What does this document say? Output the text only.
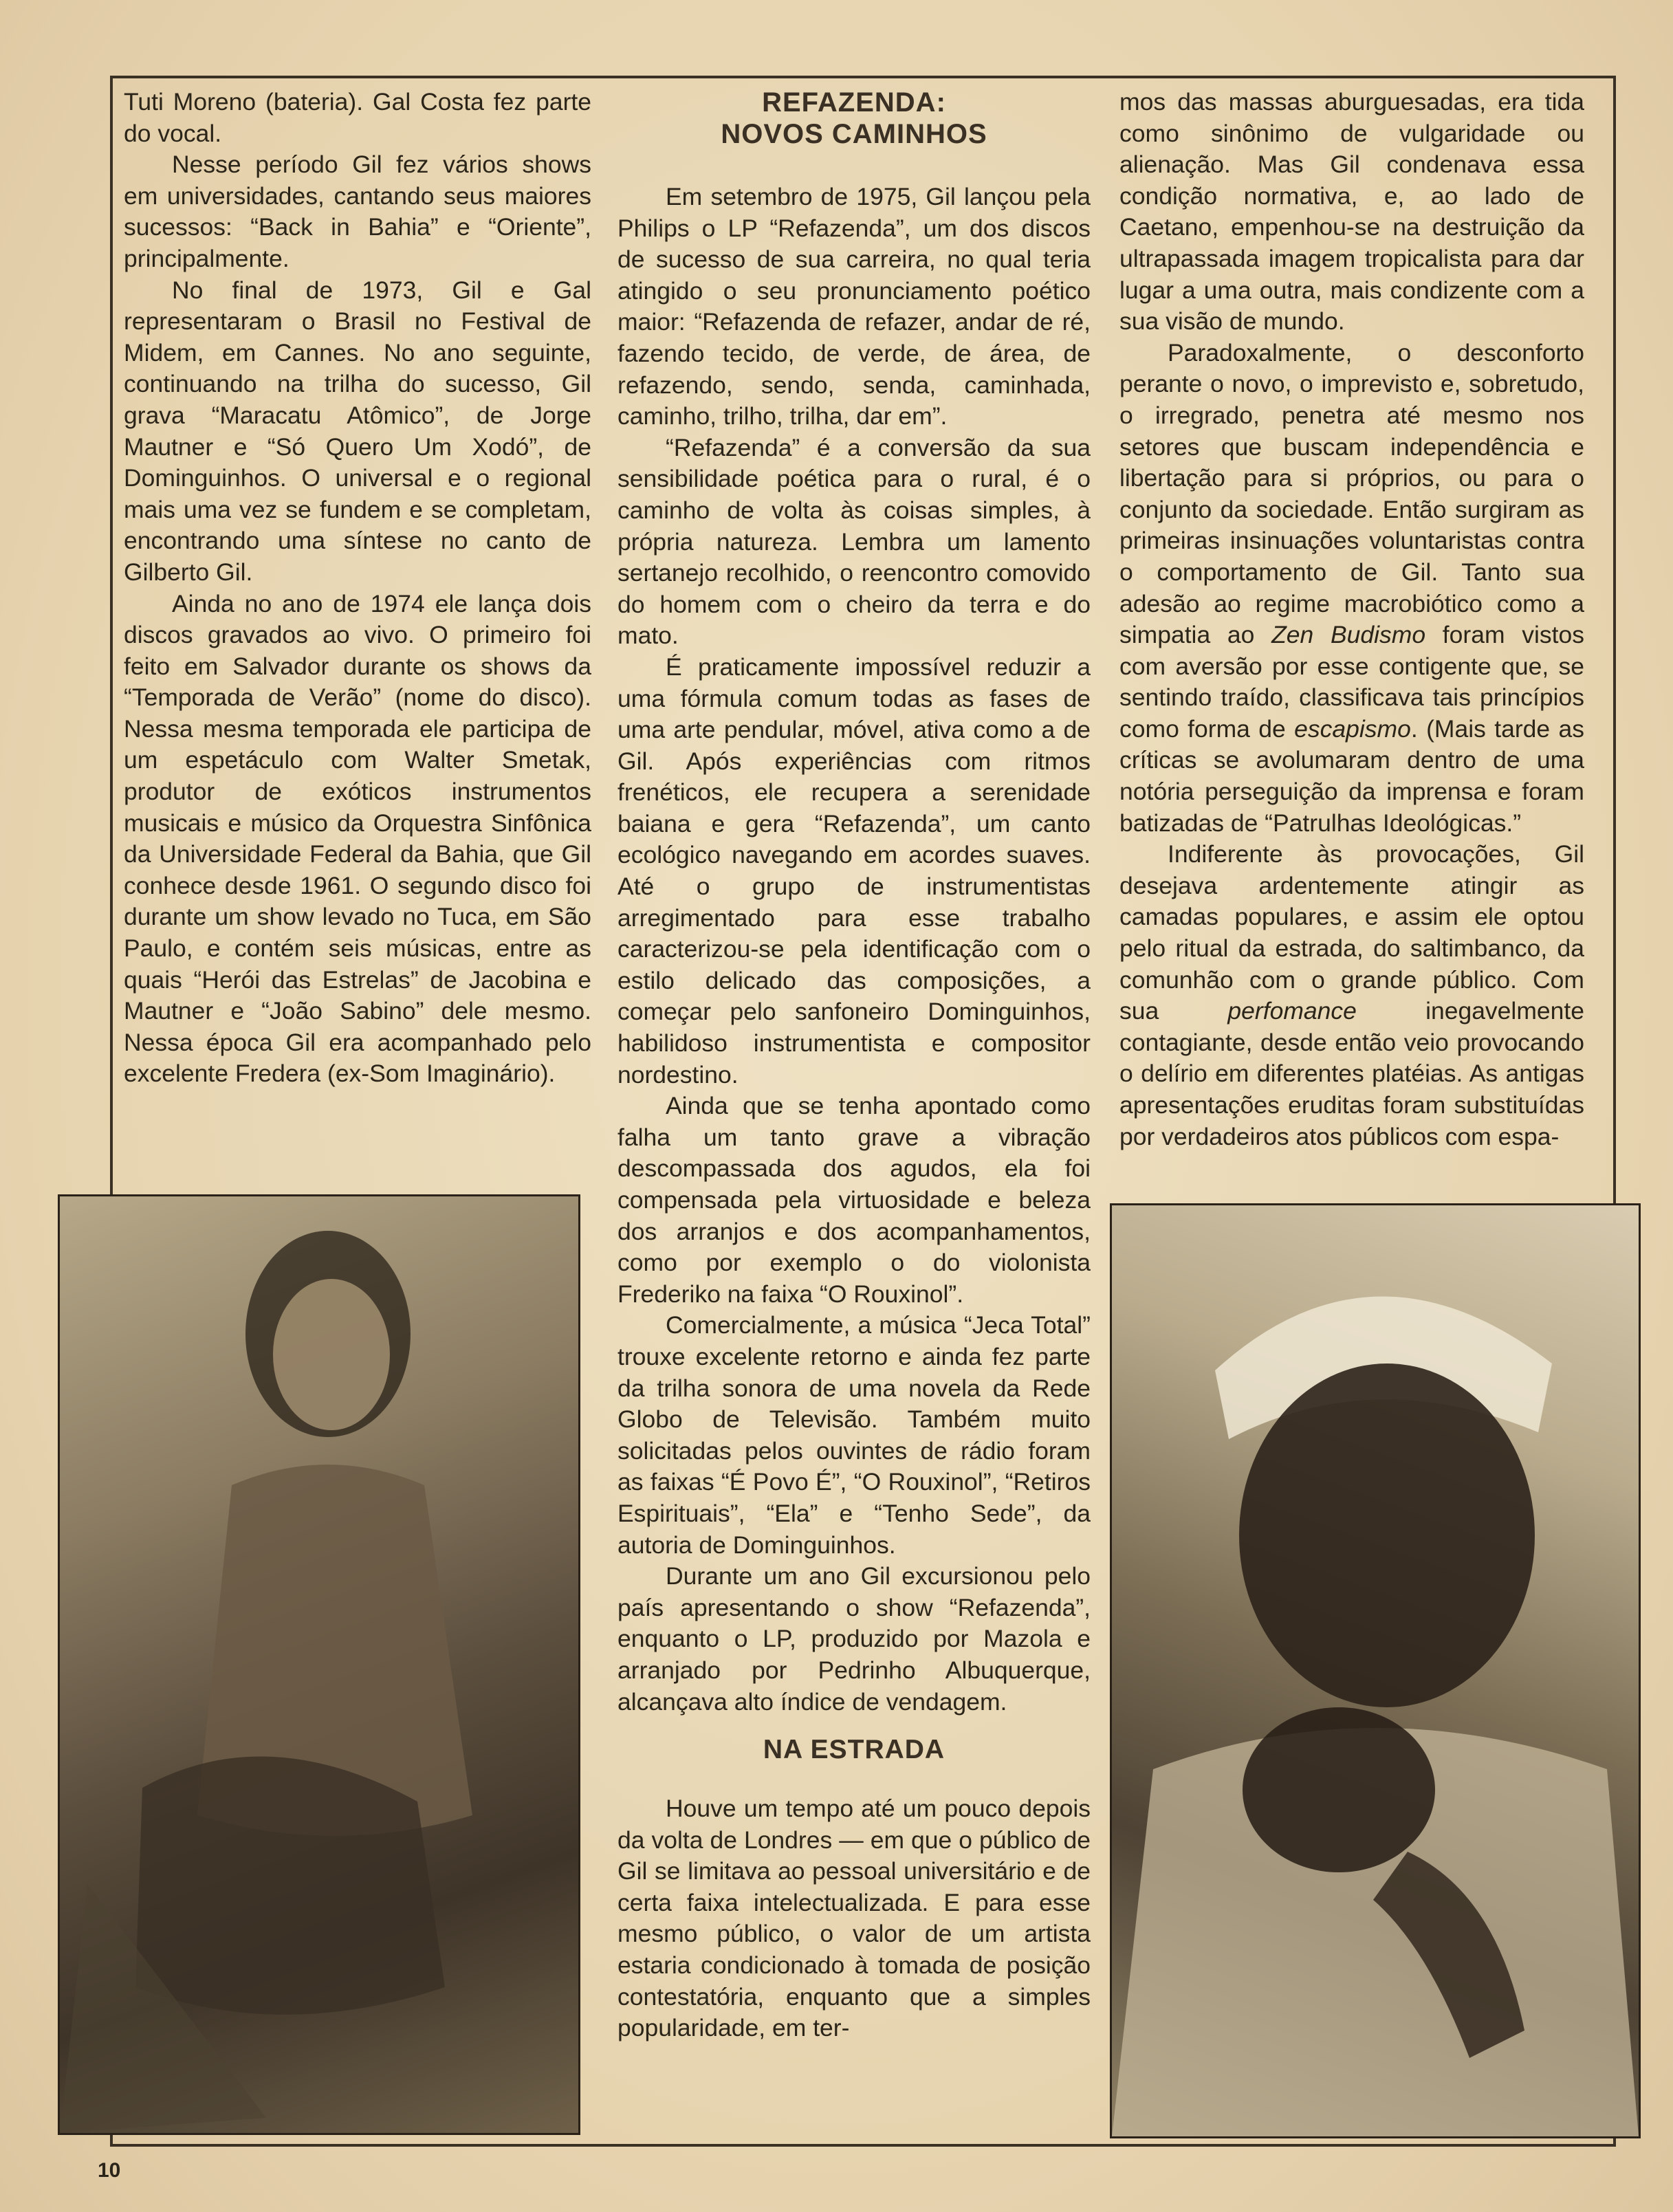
Tuti Moreno (bateria). Gal Costa fez parte do vocal.

Nesse período Gil fez vários shows em universidades, cantando seus maiores sucessos: “Back in Bahia” e “Oriente”, principalmente.

No final de 1973, Gil e Gal representaram o Brasil no Festival de Midem, em Cannes. No ano seguinte, continuando na trilha do sucesso, Gil grava “Maracatu Atômico”, de Jorge Mautner e “Só Quero Um Xodó”, de Dominguinhos. O universal e o regional mais uma vez se fundem e se completam, encontrando uma síntese no canto de Gilberto Gil.

Ainda no ano de 1974 ele lança dois discos gravados ao vivo. O primeiro foi feito em Salvador durante os shows da “Temporada de Verão” (nome do disco). Nessa mesma temporada ele participa de um espetáculo com Walter Smetak, produtor de exóticos instrumentos musicais e músico da Orquestra Sinfônica da Universidade Federal da Bahia, que Gil conhece desde 1961. O segundo disco foi durante um show levado no Tuca, em São Paulo, e contém seis músicas, entre as quais “Herói das Estrelas” de Jacobina e Mautner e “João Sabino” dele mesmo. Nessa época Gil era acompanhado pelo excelente Fredera (ex-Som Imaginário).

REFAZENDA:
NOVOS CAMINHOS

Em setembro de 1975, Gil lançou pela Philips o LP “Refazenda”, um dos discos de sucesso de sua carreira, no qual teria atingido o seu pronunciamento poético maior: “Refazenda de refazer, andar de ré, fazendo tecido, de verde, de área, de refazendo, sendo, senda, caminhada, caminho, trilho, trilha, dar em”.

“Refazenda” é a conversão da sua sensibilidade poética para o rural, é o caminho de volta às coisas simples, à própria natureza. Lembra um lamento sertanejo recolhido, o reencontro comovido do homem com o cheiro da terra e do mato.

É praticamente impossível reduzir a uma fórmula comum todas as fases de uma arte pendular, móvel, ativa como a de Gil. Após experiências com ritmos frenéticos, ele recupera a serenidade baiana e gera “Refazenda”, um canto ecológico navegando em acordes suaves. Até o grupo de instrumentistas arregimentado para esse trabalho caracterizou-se pela identificação com o estilo delicado das composições, a começar pelo sanfoneiro Dominguinhos, habilidoso instrumentista e compositor nordestino.

Ainda que se tenha apontado como falha um tanto grave a vibração descompassada dos agudos, ela foi compensada pela virtuosidade e beleza dos arranjos e dos acompanhamentos, como por exemplo o do violonista Frederiko na faixa “O Rouxinol”.

Comercialmente, a música “Jeca Total” trouxe excelente retorno e ainda fez parte da trilha sonora de uma novela da Rede Globo de Televisão. Também muito solicitadas pelos ouvintes de rádio foram as faixas “É Povo É”, “O Rouxinol”, “Retiros Espirituais”, “Ela” e “Tenho Sede”, da autoria de Dominguinhos.

Durante um ano Gil excursionou pelo país apresentando o show “Refazenda”, enquanto o LP, produzido por Mazola e arranjado por Pedrinho Albuquerque, alcançava alto índice de vendagem.

NA ESTRADA

Houve um tempo até um pouco depois da volta de Londres — em que o público de Gil se limitava ao pessoal universitário e de certa faixa intelectualizada. E para esse mesmo público, o valor de um artista estaria condicionado à tomada de posição contestatória, enquanto que a simples popularidade, em ter-

mos das massas aburguesadas, era tida como sinônimo de vulgaridade ou alienação. Mas Gil condenava essa condição normativa, e, ao lado de Caetano, empenhou-se na destruição da ultrapassada imagem tropicalista para dar lugar a uma outra, mais condizente com a sua visão de mundo.

Paradoxalmente, o desconforto perante o novo, o imprevisto e, sobretudo, o irregrado, penetra até mesmo nos setores que buscam independência e libertação para si próprios, ou para o conjunto da sociedade. Então surgiram as primeiras insinuações voluntaristas contra o comportamento de Gil. Tanto sua adesão ao regime macrobiótico como a simpatia ao Zen Budismo foram vistos com aversão por esse contigente que, se sentindo traído, classificava tais princípios como forma de escapismo. (Mais tarde as críticas se avolumaram dentro de uma notória perseguição da imprensa e foram batizadas de “Patrulhas Ideológicas.”

Indiferente às provocações, Gil desejava ardentemente atingir as camadas populares, e assim ele optou pelo ritual da estrada, do saltimbanco, da comunhão com o grande público. Com sua perfomance inegavelmente contagiante, desde então veio provocando o delírio em diferentes platéias. As antigas apresentações eruditas foram substituídas por verdadeiros atos públicos com espa-

10
